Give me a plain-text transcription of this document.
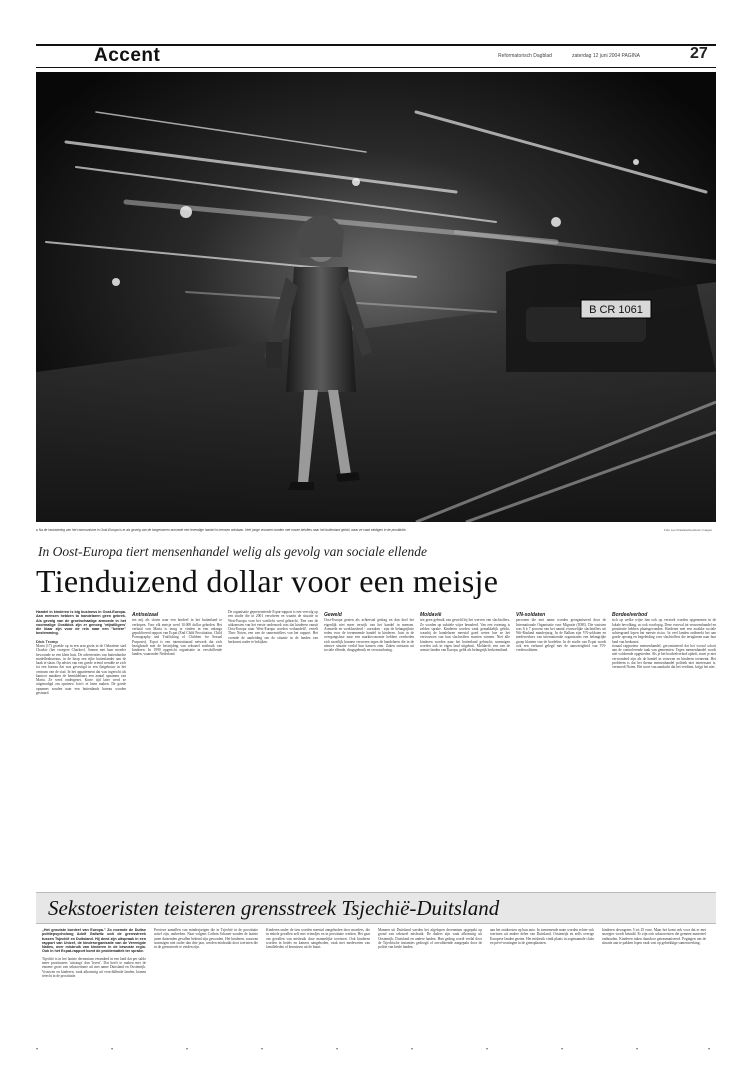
Accent	Reformatorisch Dagblad	zaterdag 12 juni 2004 PAGINA	27
B CR 1061
● Na de inwinstering van het communisme in Oost-Europa is er als gevolg van de toegenomen armoede een levendige handel in mensen ontstaan. Veel jonge vrouwen worden met mooie beloftes naar het buitenland gelokt, waar ze vaak eindigen in de prostitutie.	Foto Lex Draaisterbenderen Images
In Oost-Europa tiert mensenhandel welig als gevolg van sociale ellende
Tienduizend dollar voor een meisje
Handel in kinderen is big business in Oost-Europa. Aan mensen hebben to handelaren geen gebrek. Als gevolg van de groeischaalige armoede in het voormalige Oostblok zijn er genoeg 'vrijwilligers' die klaar zijn voor de reis naar een "betere" bestemming.
Dick Tromp
Maria (17) groeide op in een arm gezin in de Oekraïene stad Charkiv (het vroegere Charkov). Samen met haar moeder bewoonde ze een klein huis. De advertenties van buitenlandse modellenbureaus, in de hoop een rijke buitenlander aan de haak te slaan. Op advies van een goede vriend wendde ze zich tot een bureau dat was gevestigd in een flatgebouw in het centrum van de stad. In het appartement dat was ingericht als kantoor maakten de bemiddelaars een aantal opnamen van Maria. Ze werd ondergezet. Korte tijd later werd ze uitgenodigd om opnieuw foto's te laten maken. De goede opnames zouden naar een buitenlands bureau worden gestuurd.
Antiseizaal
ten mij als slavin naar een bordeel in het buitenland te verkopen. Voor elk meisje werd 10.000 dollar geboden. Het verhaal van Maria is terug te vinden in een onlangs gepubliceerd rapport van Ecpat (End Child Prostitution, Child Pornography and Trafficking of Children for Sexual Purposes). Ecpat is een internationaal netwerk dat zich bezighoudt met de bestrijding van seksueel misbruik van kinderen. In 1990 opgericht organisatie in verschillende landen, waaronder Nederland.
De organisatie gepresenteerde Ecpat-rapport is een vervolg op een studie die in 2001 verscheen en waarin de situatie in West-Europa voor het voetlicht werd gebracht. 'Een van de uitkomsten van het eerste onderzoek was dat kinderen vanuit Oost-Europa naar West-Europa worden verhandeld', vertelt Theo Noten, een van de samenstellers van het rapport. Het vormde de aanleiding om de situatie in de landen van herkomst nader te bekijken.
Geweld
Oost-Europa gezien als achterstal gedrag en dan doel het eigenlijk niet meer terwijk van het handel in mensen. Armoede en werkloosheid - oorzaken - zijn de belangrijkste reden voor de toenemende handel in kinderen. Juist in de overgangsfase naar een markteconomie hebben overheden zich moeilijk kunnen verweren tegen de handelaren die in de nieuwe situatie veelal hun kansen zien. Zaken ontstaan uit sociale ellende, drugsgebruik en verwaarlozing.
Moldavië
ten geen gebruik van geweld bij het werven van slachtoffers. Ze worden op subtiele wijze benaderd. Van een vorming is zelden sprake. Kinderen worden vaak gemakkelijk gelokt, waarbij de handelaren meestal goed weten hoe ze het vertrouwen van hun slachtoffers moeten winnen. Niet alle kinderen worden naar het buitenland gebracht; sommigen worden ook in eigen land uitgebuit. Moldavië, een van de armste landen van Europa, geldt als belangrijk herkomstland.
VN-soldaten
personen die met name worden georganiseerd door de Internationale Organisatie voor Migratie (IOM). Die vaststen was 6 à 7 procent van het aantal vrouwelijke slachtoffers uit Wit-Rusland minderjarig. In de Balkan zijn VN-soldaten en medewerkers van internationale organisaties een belangrijke groep klanten van de bordelen. In de studie van Ecpat wordt ook een verband gelegd met de aanwezigheid van VN-vredessoldaten.
Bordeelverbod
sich op welke wijze dan ook op verzoek worden opgenomen in de lokale bevolking, zo ook voorlopig. Deze voorval tot vrouwenhandel en prostitutie hebben plaatsgevonden. Kinderen met een zwakke sociale achtergrond lopen het meeste risico. In veel landen ontbreekt het aan goede opvang en begeleiding voor slachtoffers die terugkeren naar hun land van herkomst.
tionaal rapporteur mensenhandel, geconstateerd dat het vooral schort aan de controlerende taak van gemeenten. Tegen mensenhandel wordt niet voldoende opgetreden. Als je het bordeelverbod opheft, moet je niet verwonderd zijn als de handel in vrouwen en kinderen toeneemt. Het probleem is dat het thema mensenhandel politiek niet interessant is, vermoedt Noten. Het soort van aandacht dat het verdient, krijgt het niet.
Sekstoeristen teisteren grensstreek Tsjechië-Duitsland
„Het grootste bordeel van Europa." Zo noemde de Duitse politiepsycholoog Adolf Gallwitz ooit de grensstreek tussen Tsjechië en Duitsland. Hij deed zijn uitspraak in een rapport van Unicef, de kinderorganisatie van de Verenigde Naties, over misbruik van kinderen in de bewuste regio. Ook in het Ecpat-rapport komt de problematiek ter sprake.
Tsjechië is in het laatste decennium veranderd in een land dat per saldo meer prostitutees 'uitvangt' dan 'levert'. Dat heeft te maken met de enorme groei van sekstoerisme uit met name Duitsland en Oostenrijk. Vrouwen en kinderen, vaak afkomstig uit verschillende landen, komen terecht in de prostitutie.
Precieze aantallen van minderjarigen die in Tsjechië in de prostitutie actief zijn, ontbreken. Naar volgens Cathrin Schauer zouden de laatste jaren duizenden gevallen bekend zijn geworden. Het kinderen, waarvan sommigen niet ouder dan drie jaar, worden misbruikt door toeristen die in de grensstreek te vinden zijn.
Kinderen onder de tien worden meestal aangeboden door moeders, die in enkele gevallen zelf met vriendjes en in prostitutie werken. Het gaat om gevallen van misbruik door mannelijke toeristen. Ook kinderen worden in hotels en kamers aangeboden, vaak met medeweten van familieleden of kennissen uit de buurt.
Mannen uit Duitsland werden het afgelopen decennium opgepakt op grond van seksueel misbruik. De daders zijn vaak afkomstig uit Oostenrijk, Duitsland en andere landen. Hun gedrag wordt veelal door de Tsjechische instanties gedoogd of onvoldoende aangepakt door de politie van beide landen.
aan het zuidoosten op hun auto. In toenemende mate worden echter ook toeristen uit andere delen van Duitsland, Oostenrijk en zelfs overige Europese landen gezien. Het misbruik vindt plaats in zogenaamde clubs en privé-woningen in de grensplaatsen.
kinderen downgrens 5 tot 25 euro. Maar het komt ook voor dat er met snoepjes wordt betaald. Er zijn ook sekstoeristen die gemeen materieel onthouden. Kinderen raken daardoor getraumatiseerd. Pogingen om de situatie aan te pakken lopen vaak vast op gebrekkige samenwerking.
•	•	•	•	•	•	•	•	•	•
